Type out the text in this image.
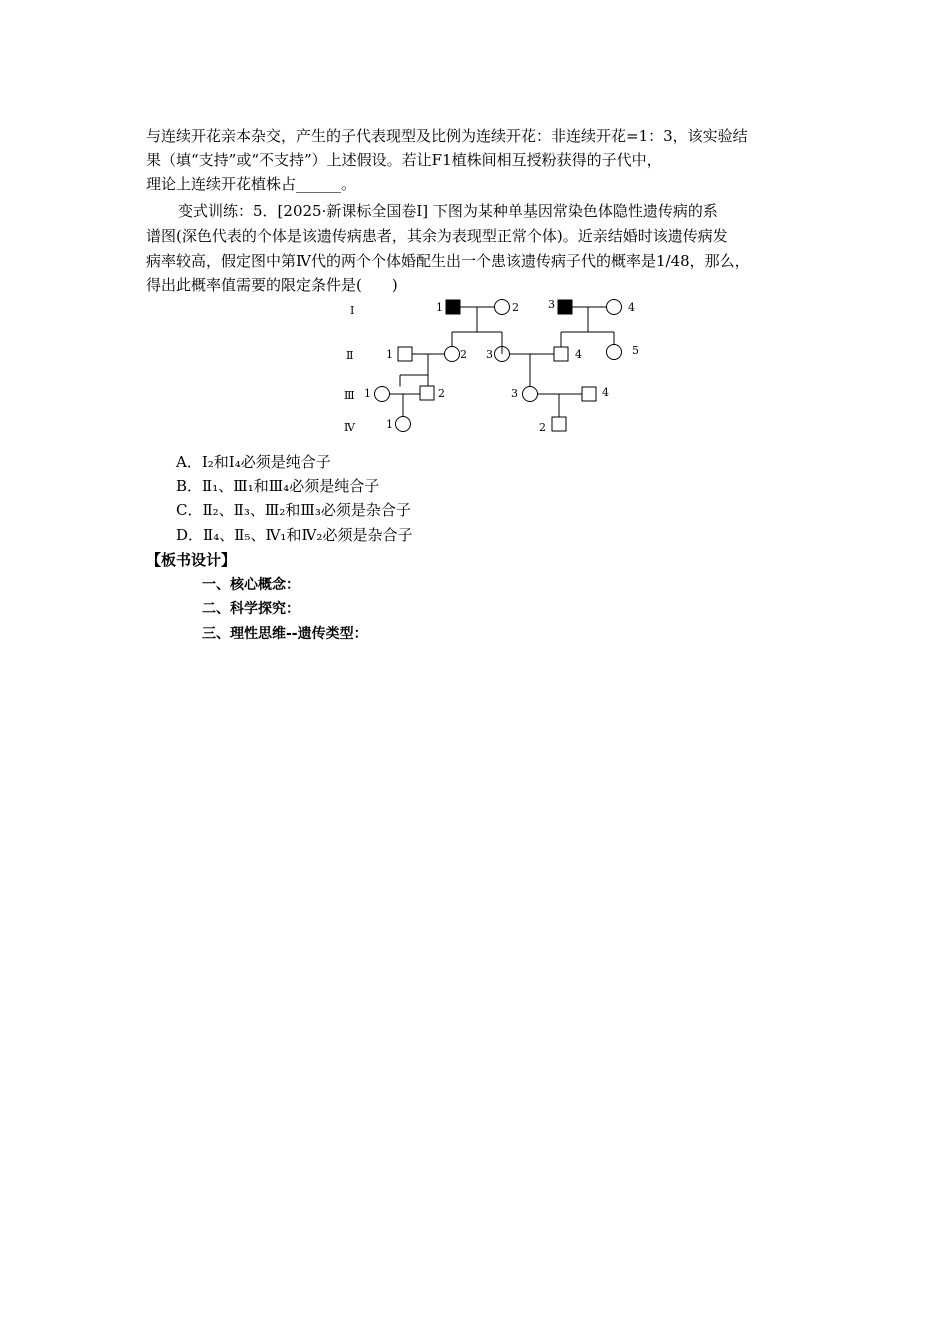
与连续开花亲本杂交，产生的子代表现型及比例为连续开花：非连续开花=1：3，该实验结
果（填“支持”或“不支持”）上述假设。若让F1植株间相互授粉获得的子代中，
理论上连续开花植株占______。
变式训练：5．[2025·新课标全国卷Ⅰ] 下图为某种单基因常染色体隐性遗传病的系
谱图(深色代表的个体是该遗传病患者，其余为表现型正常个体)。近亲结婚时该遗传病发
病率较高，假定图中第Ⅳ代的两个个体婚配生出一个患该遗传病子代的概率是1/48，那么，
得出此概率值需要的限定条件是(　　)
Ⅰ
Ⅱ
Ⅲ
Ⅳ
1	2	3	4
1	2 3	4	5
1	2	3	4
1	2
A．Ⅰ₂和Ⅰ₄必须是纯合子
B．Ⅱ₁、Ⅲ₁和Ⅲ₄必须是纯合子
C．Ⅱ₂、Ⅱ₃、Ⅲ₂和Ⅲ₃必须是杂合子
D．Ⅱ₄、Ⅱ₅、Ⅳ₁和Ⅳ₂必须是杂合子
【板书设计】
一、核心概念：
二、科学探究：
三、理性思维--遗传类型：
